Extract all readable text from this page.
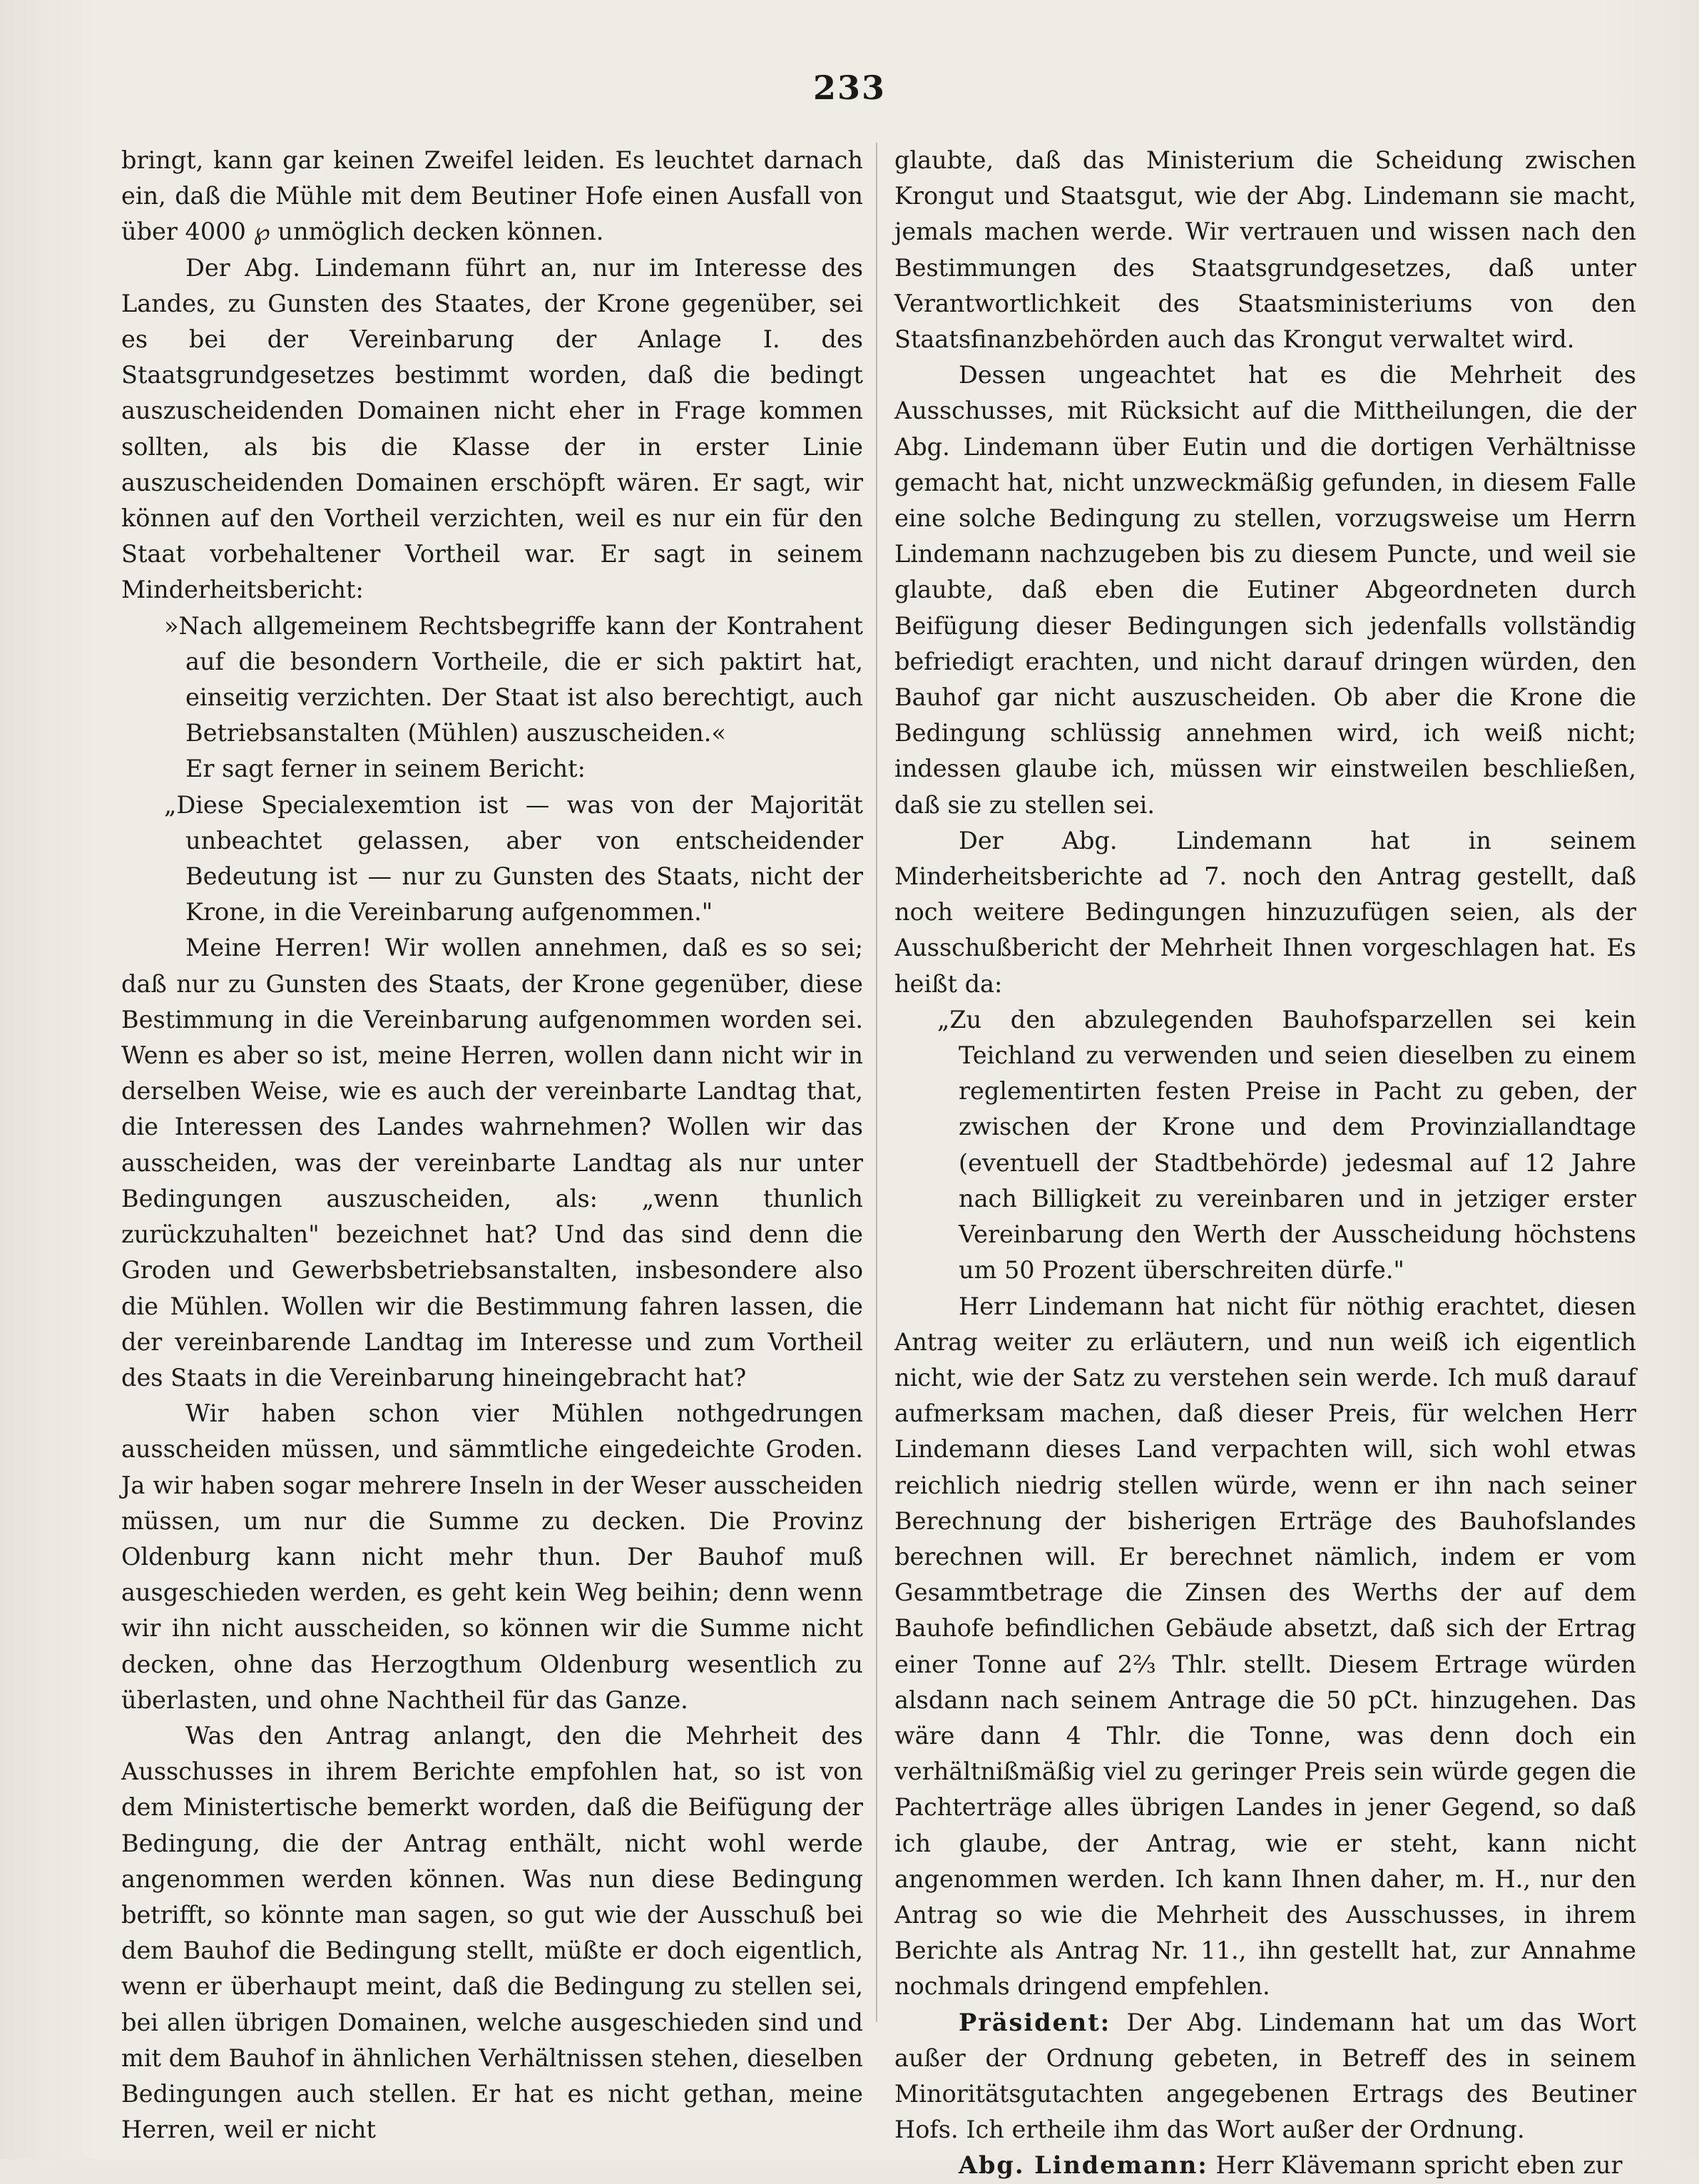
233

bringt, kann gar keinen Zweifel leiden. Es leuchtet darnach ein, daß die Mühle mit dem Beutiner Hofe einen Ausfall von über 4000 ℘ unmöglich decken können.

Der Abg. Lindemann führt an, nur im Interesse des Landes, zu Gunsten des Staates, der Krone gegenüber, sei es bei der Vereinbarung der Anlage I. des Staatsgrundgesetzes bestimmt worden, daß die bedingt auszuscheidenden Domainen nicht eher in Frage kommen sollten, als bis die Klasse der in erster Linie auszuscheidenden Domainen erschöpft wären. Er sagt, wir können auf den Vortheil verzichten, weil es nur ein für den Staat vorbehaltener Vortheil war. Er sagt in seinem Minderheitsbericht:

»Nach allgemeinem Rechtsbegriffe kann der Kontrahent auf die besondern Vortheile, die er sich paktirt hat, einseitig verzichten. Der Staat ist also berechtigt, auch Betriebsanstalten (Mühlen) auszuscheiden.«

Er sagt ferner in seinem Bericht:

„Diese Specialexemtion ist — was von der Majorität unbeachtet gelassen, aber von entscheidender Bedeutung ist — nur zu Gunsten des Staats, nicht der Krone, in die Vereinbarung aufgenommen."

Meine Herren! Wir wollen annehmen, daß es so sei; daß nur zu Gunsten des Staats, der Krone gegenüber, diese Bestimmung in die Vereinbarung aufgenommen worden sei. Wenn es aber so ist, meine Herren, wollen dann nicht wir in derselben Weise, wie es auch der vereinbarte Landtag that, die Interessen des Landes wahrnehmen? Wollen wir das ausscheiden, was der vereinbarte Landtag als nur unter Bedingungen auszuscheiden, als: „wenn thunlich zurückzuhalten" bezeichnet hat? Und das sind denn die Groden und Gewerbsbetriebsanstalten, insbesondere also die Mühlen. Wollen wir die Bestimmung fahren lassen, die der vereinbarende Landtag im Interesse und zum Vortheil des Staats in die Vereinbarung hineingebracht hat?

Wir haben schon vier Mühlen nothgedrungen ausscheiden müssen, und sämmtliche eingedeichte Groden. Ja wir haben sogar mehrere Inseln in der Weser ausscheiden müssen, um nur die Summe zu decken. Die Provinz Oldenburg kann nicht mehr thun. Der Bauhof muß ausgeschieden werden, es geht kein Weg beihin; denn wenn wir ihn nicht ausscheiden, so können wir die Summe nicht decken, ohne das Herzogthum Oldenburg wesentlich zu überlasten, und ohne Nachtheil für das Ganze.

Was den Antrag anlangt, den die Mehrheit des Ausschusses in ihrem Berichte empfohlen hat, so ist von dem Ministertische bemerkt worden, daß die Beifügung der Bedingung, die der Antrag enthält, nicht wohl werde angenommen werden können. Was nun diese Bedingung betrifft, so könnte man sagen, so gut wie der Ausschuß bei dem Bauhof die Bedingung stellt, müßte er doch eigentlich, wenn er überhaupt meint, daß die Bedingung zu stellen sei, bei allen übrigen Domainen, welche ausgeschieden sind und mit dem Bauhof in ähnlichen Verhältnissen stehen, dieselben Bedingungen auch stellen. Er hat es nicht gethan, meine Herren, weil er nicht

glaubte, daß das Ministerium die Scheidung zwischen Krongut und Staatsgut, wie der Abg. Lindemann sie macht, jemals machen werde. Wir vertrauen und wissen nach den Bestimmungen des Staatsgrundgesetzes, daß unter Verantwortlichkeit des Staatsministeriums von den Staatsfinanzbehörden auch das Krongut verwaltet wird.

Dessen ungeachtet hat es die Mehrheit des Ausschusses, mit Rücksicht auf die Mittheilungen, die der Abg. Lindemann über Eutin und die dortigen Verhältnisse gemacht hat, nicht unzweckmäßig gefunden, in diesem Falle eine solche Bedingung zu stellen, vorzugsweise um Herrn Lindemann nachzugeben bis zu diesem Puncte, und weil sie glaubte, daß eben die Eutiner Abgeordneten durch Beifügung dieser Bedingungen sich jedenfalls vollständig befriedigt erachten, und nicht darauf dringen würden, den Bauhof gar nicht auszuscheiden. Ob aber die Krone die Bedingung schlüssig annehmen wird, ich weiß nicht; indessen glaube ich, müssen wir einstweilen beschließen, daß sie zu stellen sei.

Der Abg. Lindemann hat in seinem Minderheitsberichte ad 7. noch den Antrag gestellt, daß noch weitere Bedingungen hinzuzufügen seien, als der Ausschußbericht der Mehrheit Ihnen vorgeschlagen hat. Es heißt da:

„Zu den abzulegenden Bauhofsparzellen sei kein Teichland zu verwenden und seien dieselben zu einem reglementirten festen Preise in Pacht zu geben, der zwischen der Krone und dem Provinziallandtage (eventuell der Stadtbehörde) jedesmal auf 12 Jahre nach Billigkeit zu vereinbaren und in jetziger erster Vereinbarung den Werth der Ausscheidung höchstens um 50 Prozent überschreiten dürfe."

Herr Lindemann hat nicht für nöthig erachtet, diesen Antrag weiter zu erläutern, und nun weiß ich eigentlich nicht, wie der Satz zu verstehen sein werde. Ich muß darauf aufmerksam machen, daß dieser Preis, für welchen Herr Lindemann dieses Land verpachten will, sich wohl etwas reichlich niedrig stellen würde, wenn er ihn nach seiner Berechnung der bisherigen Erträge des Bauhofslandes berechnen will. Er berechnet nämlich, indem er vom Gesammtbetrage die Zinsen des Werths der auf dem Bauhofe befindlichen Gebäude absetzt, daß sich der Ertrag einer Tonne auf 2⅔ Thlr. stellt. Diesem Ertrage würden alsdann nach seinem Antrage die 50 pCt. hinzugehen. Das wäre dann 4 Thlr. die Tonne, was denn doch ein verhältnißmäßig viel zu geringer Preis sein würde gegen die Pachterträge alles übrigen Landes in jener Gegend, so daß ich glaube, der Antrag, wie er steht, kann nicht angenommen werden. Ich kann Ihnen daher, m. H., nur den Antrag so wie die Mehrheit des Ausschusses, in ihrem Berichte als Antrag Nr. 11., ihn gestellt hat, zur Annahme nochmals dringend empfehlen.

Präsident: Der Abg. Lindemann hat um das Wort außer der Ordnung gebeten, in Betreff des in seinem Minoritätsgutachten angegebenen Ertrags des Beutiner Hofs. Ich ertheile ihm das Wort außer der Ordnung.

Abg. Lindemann: Herr Klävemann spricht eben zur
